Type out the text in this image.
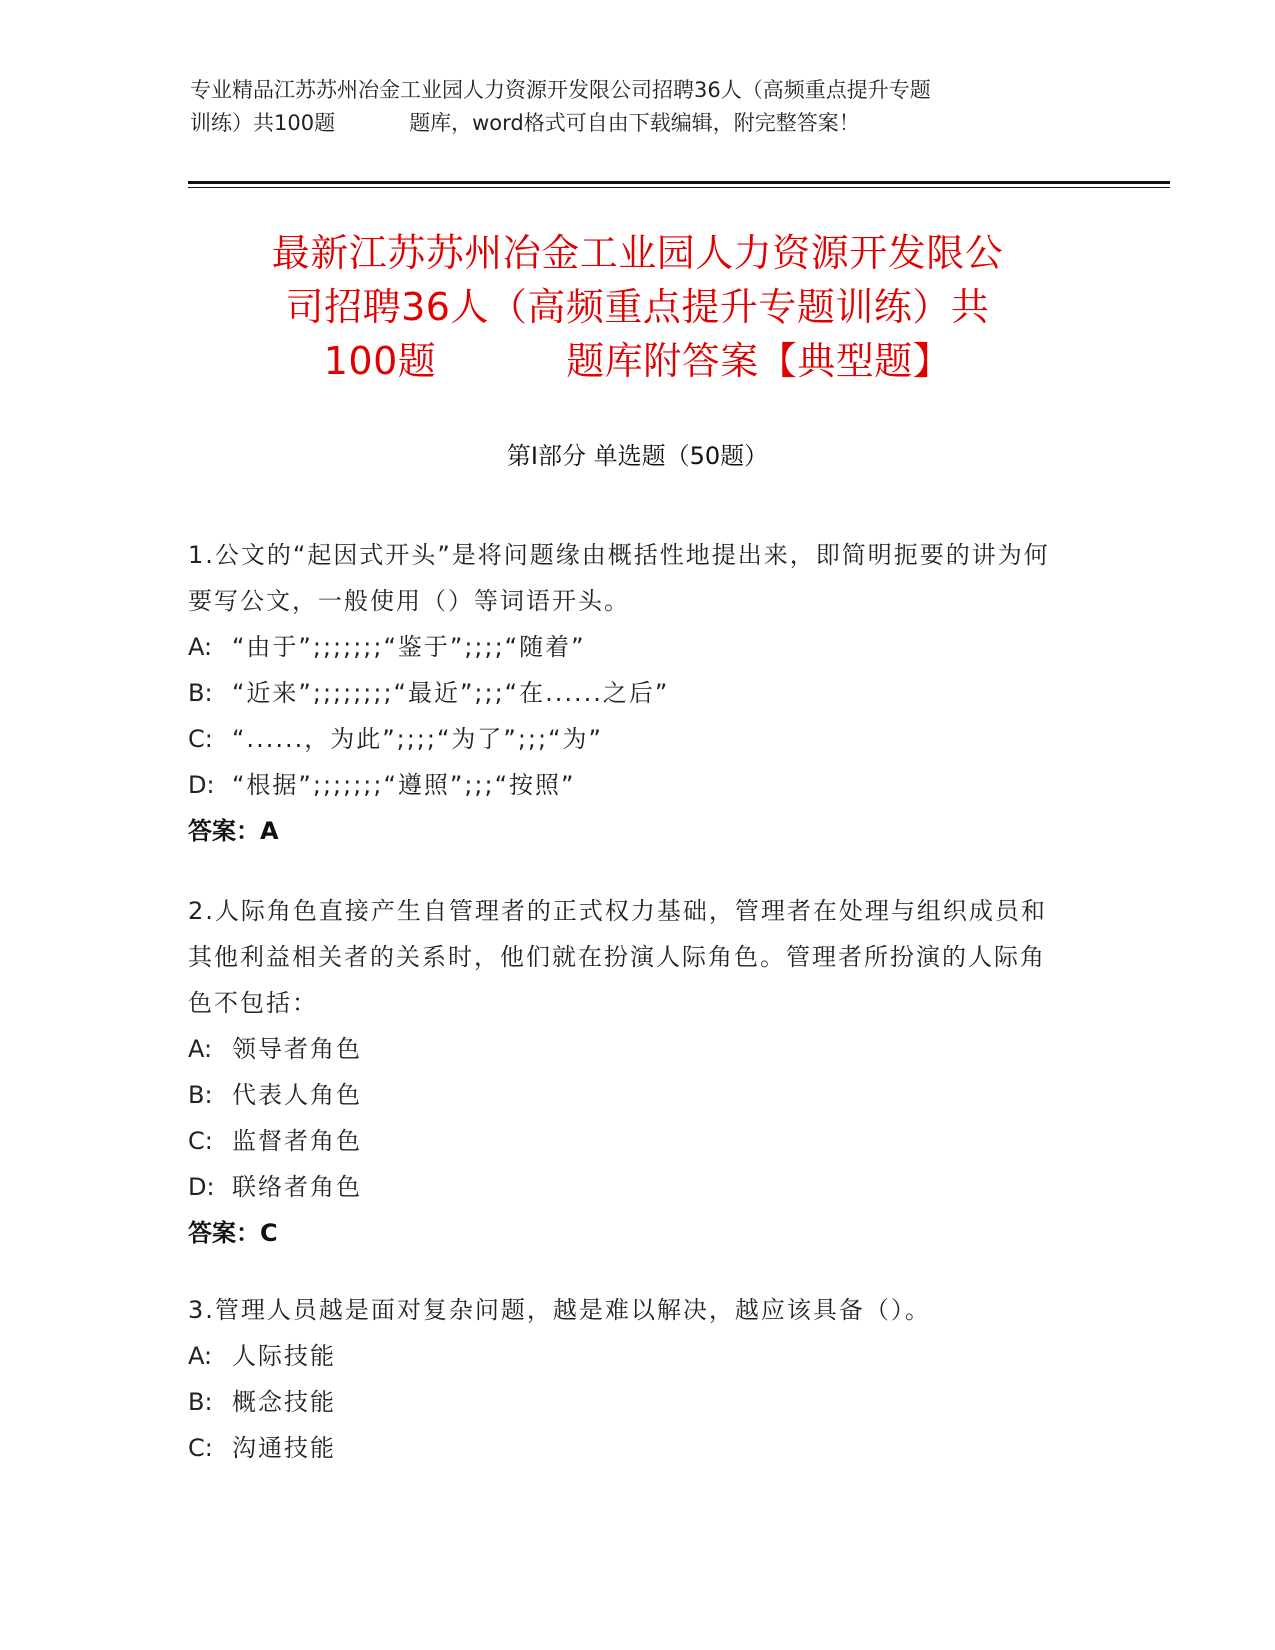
专业精品江苏苏州冶金工业园人力资源开发限公司招聘36人（高频重点提升专题
训练）共100题	题库，word格式可自由下载编辑，附完整答案！
最新江苏苏州冶金工业园人力资源开发限公
司招聘36人（高频重点提升专题训练）共
100题	题库附答案【典型题】
第I部分 单选题（50题）
1.公文的“起因式开头”是将问题缘由概括性地提出来，即简明扼要的讲为何要写公文，一般使用（）等词语开头。
A: “由于”;;;;;;;“鉴于”;;;;“随着”
B: “近来”;;;;;;;;“最近”;;;“在......之后”
C: “......，为此”;;;;“为了”;;;“为”
D: “根据”;;;;;;;“遵照”;;;“按照”
答案：A
2.人际角色直接产生自管理者的正式权力基础，管理者在处理与组织成员和其他利益相关者的关系时，他们就在扮演人际角色。管理者所扮演的人际角色不包括：
A: 领导者角色
B: 代表人角色
C: 监督者角色
D: 联络者角色
答案：C
3.管理人员越是面对复杂问题，越是难以解决，越应该具备（）。
A: 人际技能
B: 概念技能
C: 沟通技能
